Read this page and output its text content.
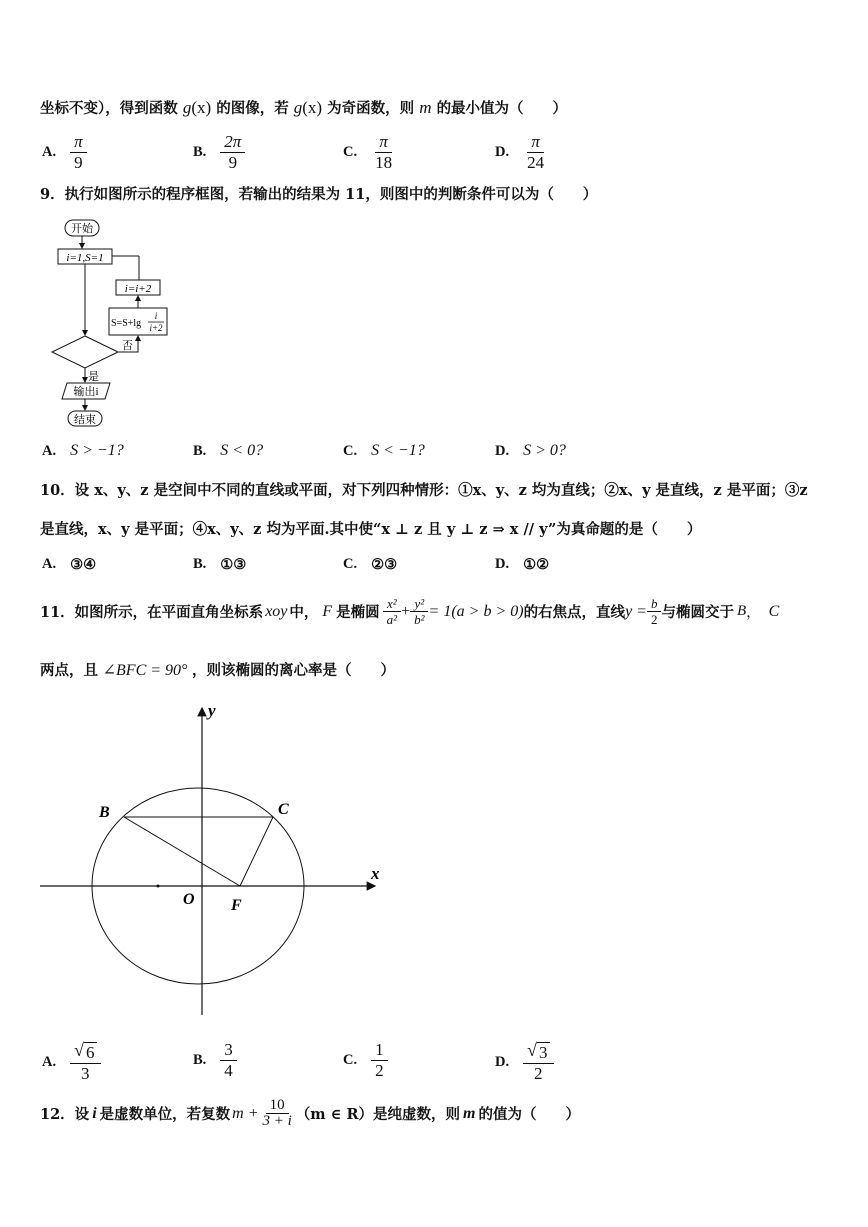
坐标不变），得到函数 g(x) 的图像，若 g(x) 为奇函数，则 m 的最小值为（　　）
A. $\frac{\pi}{9}$	B. $\frac{2\pi}{9}$	C. $\frac{\pi}{18}$	D. $\frac{\pi}{24}$
9．执行如图所示的程序框图，若输出的结果为 11，则图中的判断条件可以为（　　）
开始
i=1,S=1
i=i+2
S=S+lg
i
i+2
否
是
输出i
结束
A. S > −1?	B. S < 0?	C. S < −1?	D. S > 0?
10．设 x、y、z 是空间中不同的直线或平面，对下列四种情形：①x、y、z 均为直线；②x、y 是直线，z 是平面；③z
是直线，x、y 是平面；④x、y、z 均为平面.其中使“x ⊥ z 且 y ⊥ z ⇒ x // y”为真命题的是（　　）
A. ③④	B. ①③	C. ②③	D. ①②
11．如图所示，在平面直角坐标系 xoy 中， F 是椭圆 $\frac{\text{x²}}{\text{a²}} + \frac{\text{y²}}{\text{b²}} = 1(a > b > 0)$ 的右焦点，直线 $y = \frac{b}{2}$ 与椭圆交于 B ， C
两点，且 ∠BFC = 90° ，则该椭圆的离心率是（　　）
y
x
B	C
O F
A. $\frac{√ 6}{3}$	B. $\frac{3}{4}$	C. $\frac{1}{2}$	D. $\frac{√ 3}{2}$
12．设 i 是虚数单位，若复数 $m + \frac{10}{3 + i} (m$ ∈ R）是纯虚数，则 m 的值为（　　）
